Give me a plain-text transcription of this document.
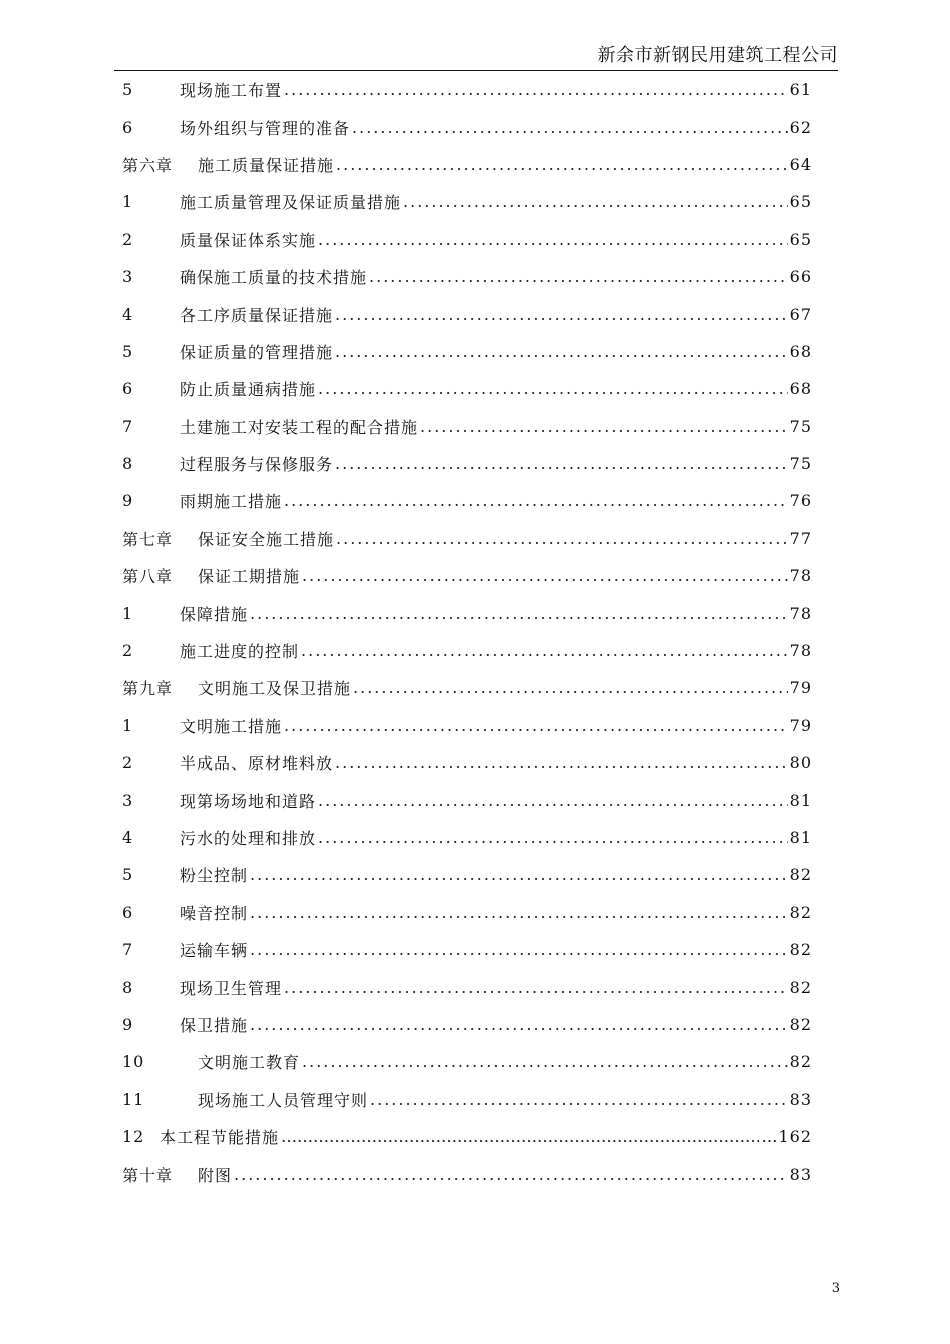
新余市新钢民用建筑工程公司
5	现场施工布置 .....	61
6	场外组织与管理的准备 .....	62
第六章	施工质量保证措施 .....	64
1	施工质量管理及保证质量措施 .....	65
2	质量保证体系实施 .....	65
3	确保施工质量的技术措施 .....	66
4	各工序质量保证措施 .....	67
5	保证质量的管理措施 .....	68
6	防止质量通病措施 .....	68
7	土建施工对安装工程的配合措施 .....	75
8	过程服务与保修服务 .....	75
9	雨期施工措施 .....	76
第七章	保证安全施工措施 .....	77
第八章	保证工期措施 .....	78
1	保障措施 .....	78
2	施工进度的控制 .....	78
第九章	文明施工及保卫措施 .....	79
1	文明施工措施 .....	79
2	半成品、原材堆料放 .....	80
3	现第场场地和道路 .....	81
4	污水的处理和排放 .....	81
5	粉尘控制 .....	82
6	噪音控制 .....	82
7	运输车辆 .....	82
8	现场卫生管理 .....	82
9	保卫措施 .....	82
10	文明施工教育 .....	82
11	现场施工人员管理守则 .....	83
12 本工程节能措施 …………………………………………………………………………………………………………………………………………	…162
第十章	附图 .....	83
3
